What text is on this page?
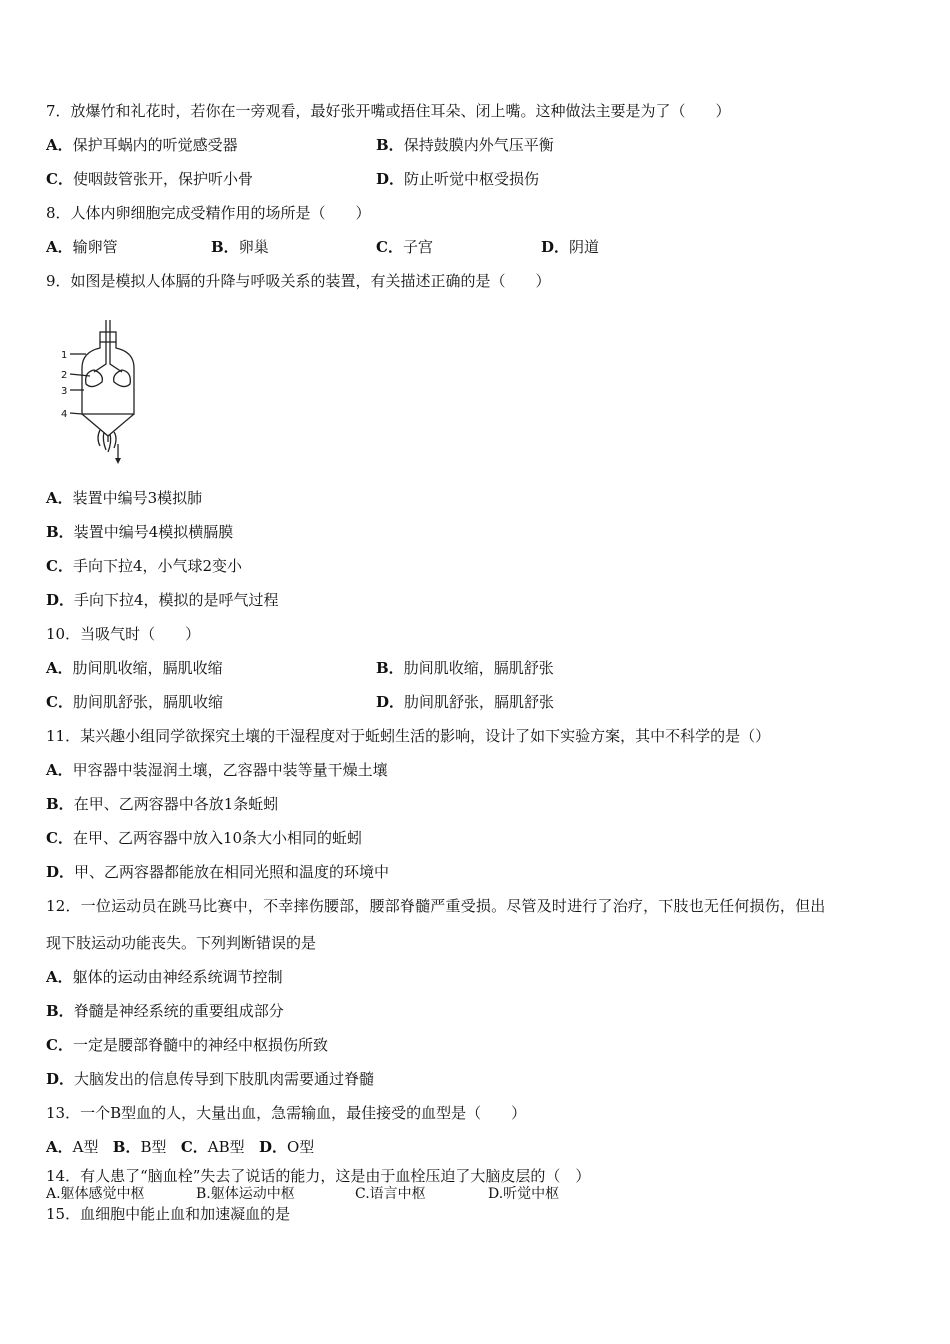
7．放爆竹和礼花时，若你在一旁观看，最好张开嘴或捂住耳朵、闭上嘴。这种做法主要是为了（　　）
A．保护耳蜗内的听觉感受器	B．保持鼓膜内外气压平衡
C．使咽鼓管张开，保护听小骨	D．防止听觉中枢受损伤
8．人体内卵细胞完成受精作用的场所是（　　）
A．输卵管	B．卵巢	C．子宫	D．阴道
9．如图是模拟人体膈的升降与呼吸关系的装置，有关描述正确的是（　　）
1
2
3
4
A．装置中编号3模拟肺
B．装置中编号4模拟横膈膜
C．手向下拉4，小气球2变小
D．手向下拉4，模拟的是呼气过程
10．当吸气时（　　）
A．肋间肌收缩，膈肌收缩	B．肋间肌收缩，膈肌舒张
C．肋间肌舒张，膈肌收缩	D．肋间肌舒张，膈肌舒张
11．某兴趣小组同学欲探究土壤的干湿程度对于蚯蚓生活的影响，设计了如下实验方案，其中不科学的是（）
A．甲容器中装湿润土壤，乙容器中装等量干燥土壤
B．在甲、乙两容器中各放1条蚯蚓
C．在甲、乙两容器中放入10条大小相同的蚯蚓
D．甲、乙两容器都能放在相同光照和温度的环境中
12．一位运动员在跳马比赛中，不幸摔伤腰部，腰部脊髓严重受损。尽管及时进行了治疗，下肢也无任何损伤，但出
现下肢运动功能丧失。下列判断错误的是
A．躯体的运动由神经系统调节控制
B．脊髓是神经系统的重要组成部分
C．一定是腰部脊髓中的神经中枢损伤所致
D．大脑发出的信息传导到下肢肌肉需要通过脊髓
13．一个B型血的人，大量出血，急需输血，最佳接受的血型是（　　）
A．A型 B．B型 C．AB型 D．O型
14．有人患了“脑血栓”失去了说话的能力，这是由于血栓压迫了大脑皮层的（　）
A.躯体感觉中枢	B.躯体运动中枢	C.语言中枢	D.听觉中枢
15．血细胞中能止血和加速凝血的是
